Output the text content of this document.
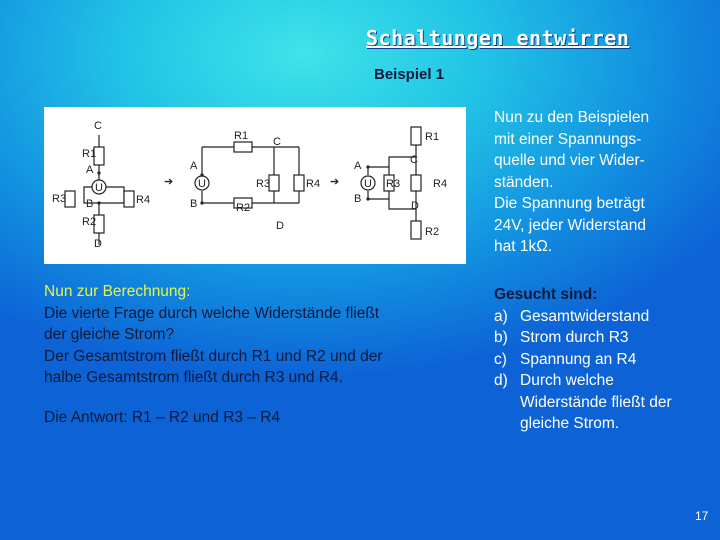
Schaltungen entwirren
Beispiel 1
C
R1
A
U
B
R3	R4
R2
D
➔
R1 C
A
U
B
R3	R4
R2
D
➔
R1
C
A
U
B
R3	R4
D
R2
Nun zur Berechnung:
Die vierte Frage durch welche Widerstände fließt
der gleiche Strom?
Der Gesamtstrom fließt durch R1 und R2 und der
halbe Gesamtstrom fließt durch R3 und R4.
Die Antwort: R1 – R2 und R3 – R4
Nun zu den Beispielen
mit einer Spannungs-
quelle und vier Wider-
ständen.
Die Spannung beträgt
24V, jeder Widerstand
hat 1kΩ.
Gesucht sind:
a) Gesamtwiderstand
b) Strom durch R3
c) Spannung an R4
d) Durch welche Widerstände fließt der gleiche Strom.
17
